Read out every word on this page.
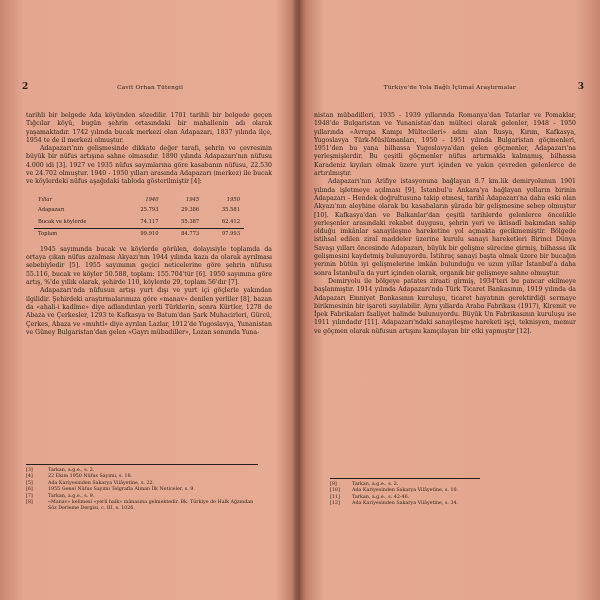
2	Cavit Orhan Tütengil

tarihli bir belgede Ada köyünden sözedilir. 1701 tarihli bir belgede geçen Tığcılar köyü, bugün şehrin ortasındaki bir mahallenin adı olarak yaşamaktadır. 1742 yılında bucak merkezi olan Adapazarı, 1837 yılında ilçe, 1954 te de il merkezi olmuştur.

Adapazarı'nın gelişmesinde dikkate değer tarafı, şehrin ve çevresinin büyük bir nüfus artışına sahne olmasıdır. 1890 yılında Adapazarı'nın nüfusu 4.000 idi [3]. 1927 ve 1935 nüfus sayımlarına göre kasabanın nüfusu, 22.530 ve 24.702 olmuştur. 1940 - 1950 yılları arasında Adapazarı (merkez) ile bucak ve köylerdeki nüfus aşağıdaki tabloda gösterilmiştir [4]:

Yıllar	1940	1945	1950
Adapazarı	25.793	29.386	35.581
Bucak ve köylerde	74.117	55.387	62.412
Toplam	99.910	84.773	97.993

1945 sayımında bucak ve köylerde görülen, dolayısiyle toplamda da ortaya çıkan nüfus azalması Akyazı'nın 1944 yılında kaza da olarak ayrılması sebebiyledir [5]. 1955 sayımının geçici neticelerine göre şehrin nüfusu 55.116, bucak ve köyler 50.588, toplam: 155.704'tür [6]. 1950 sayımına göre artış, %'de yıllık olarak, şehirde 110, köylerde 29, toplam 56'dır [7].

Adapazarı'nda nüfusun artışı yurt dışı ve yurt içi göçlerle yakından ilgilidir. Şehirdeki araştırmalarımıza göre «manav» denilen yerliler [8], bazan da «ahali-i kadîme» diye adlandırılan yerli Türklerin, sonra Kürtler, 1278 de Abaza ve Çerkesler, 1293 te Kafkasya ve Batum'dan Şark Muhacirleri, Gürcü, Çerkes, Abaza ve «muhtl» diye ayrılan Lazlar, 1912'de Yugoslavya, Yunanistan ve Güney Bulgaristan'dan gelen «Gayrı mübadiller», Lozan sonunda Yuna-

[3]	Tarkan, a.g.e., s. 2.
[4]	22 Ekim 1950 Nüfus Sayımı, s. 18.
[5]	Ada Kariyesinden Sakarya Vilâyetine, s. 22.
[6]	1955 Genel Nüfus Sayımı Telgrafla Alınan İlk Neticeler, s. 9.
[7]	Tarkan, a.g.e., s. 9.
[8]	«Manav» kelimesi «yerli halk» mânasına gelmektedir. Bk. Türkiye de Halk Ağzından Söz Derleme Dergisi, c. III, s. 1026.
Türkiye'de Yola Bağlı İçtimaî Araştırmalar	3

nistan mübadilleri, 1935 - 1939 yıllarında Romanya'dan Tatarlar ve Pomaklar, 1948'de Bulgaristan ve Yunanistan'dan mülteci olarak gelenler, 1948 - 1950 yıllarında «Avrupa Kampı Mültecileri» adını alan Rusya, Kırım, Kafkasya, Yugoslavya Türk-Müslümanları, 1950 - 1951 yılında Bulgaristan göçmenleri, 1951'den bu yana bilhassa Yugoslavya'dan gelen göçmenler, Adapazarı'na yerleşmişlerdir. Bu çeşitli göçmenler nüfus artırmakla kalmamış, bilhassa Karadeniz kıyıları olmak üzere yurt içinden ve yakın çevreden gelenlerce de artırılmıştır.

Adapazarı'nın Arifiye istasyonuna bağlayan 8.7 km.lik demiryolunun 1901 yılında işletmeye açılması [9], İstanbul'u Ankara'ya bağlayan yolların birinin Adapazarı - Hendek doğrultusuna takip etmesi, tarihî Adapazarı'na daha eski olan Akyazı'nın aleyhine olarak bu kasabaların şûrada bir gelişmesine sebep olmuştur [10]. Kafkasya'dan ve Balkanlar'dan çeşitli tarihlerde gelenlerce öncelikle yerleşenler arasındaki rekabet duygusu, şehrin yeri ve iktisadî bakımdan sahip olduğu imkânlar sanayileşme hareketine yol açmakta gecikmemiştir. Bölgede istihsal edilen ziraî maddeler üzerine kurulu sanayi hareketleri Birinci Dünya Savaşı yılları öncesinde Adapazarı, büyük bir gelişme sürecine girmiş, bilhassa ilk gelişmesini kaydetmiş bulunuyordu. İstihraç sanayi başta olmak üzere bir bucağın yerinin bütün iyi gelişmelerine imkân bulunduğu ve uzun yıllar İstanbul'a daha sonra İstanbul'a da yurt içinden olarak, organik bir gelişmeye sahne olmuştur.

Demiryolu ile bölgeye patates ziraati girmiş, 1934'teri bu pancar ekilmeye başlanmıştır. 1914 yılında Adapazarı'nda Türk Ticaret Bankasının, 1919 yılında da Adapazarı Emniyet Bankasının kuruluşu, ticaret hayatının gerektirdiği sermaye birikmesinin bir işareti sayılabilir. Aynı yıllarda Araba Fabrikası (1917), Kiremit ve İpek Fabrikaları faaliyet halinde bulunuyordu. Büyük Un Fabrikasının kuruluşu ise 1911 yılındadır [11]. Adapazarı'ndaki sanayileşme hareketi işçi, teknisyen, memur ve göçmen olarak nüfusun artışını kamçılayan bir etki yapmıştır [12].

[9]	Tarkan, a.g.e., s. 2.
[10]	Ada Kariyesinden Sakarya Vilâyetine, s. 10.
[11]	Tarkan, a.g.e., s. 42-46.
[12]	Ada Kariyesinden Sakarya Vilâyetine, s. 34.
